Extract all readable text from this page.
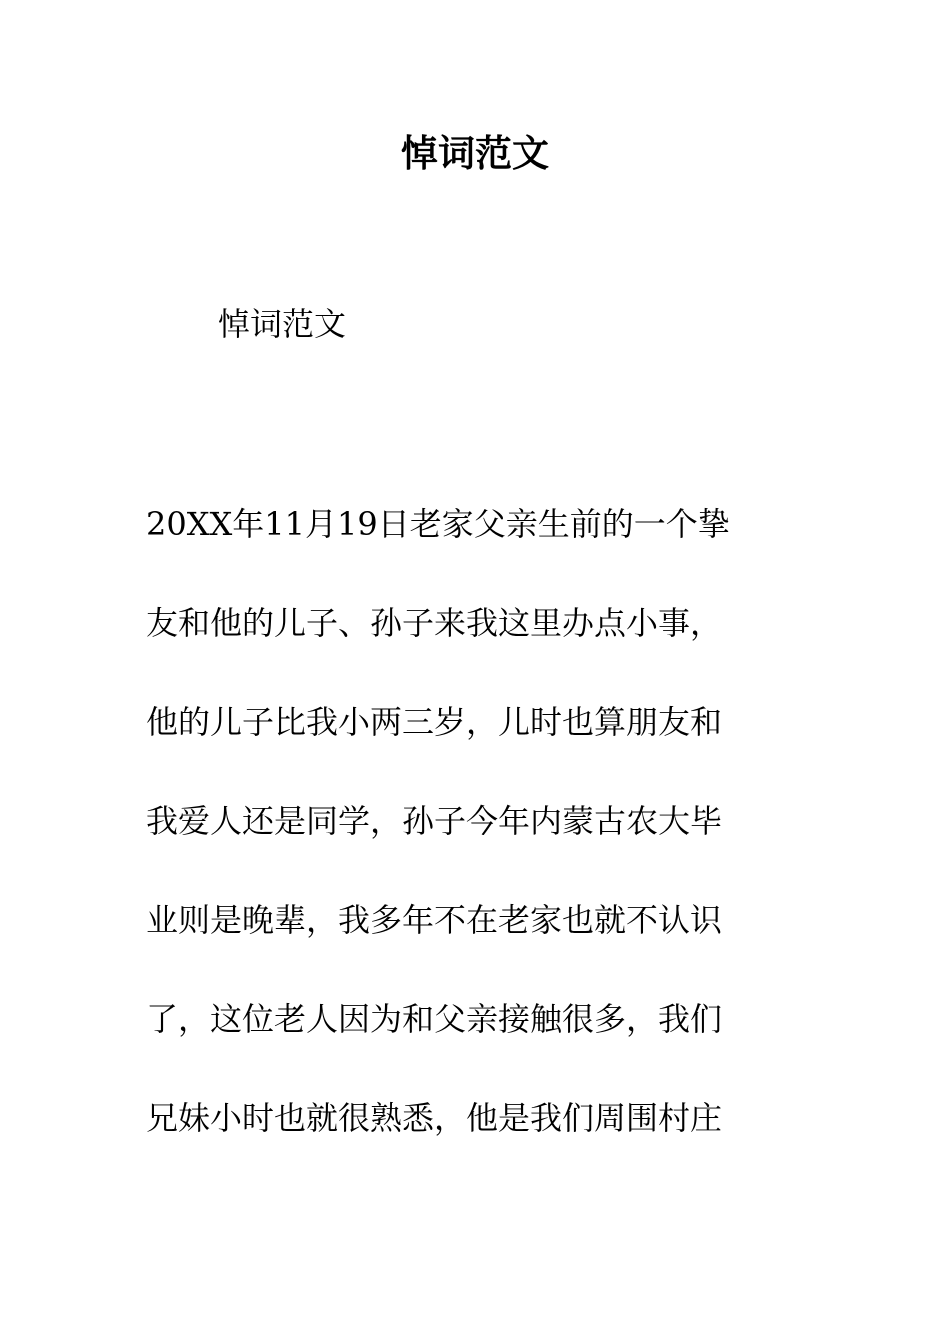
悼词范文

悼词范文

20XX年11月19日老家父亲生前的一个挚
友和他的儿子、孙子来我这里办点小事，
他的儿子比我小两三岁，儿时也算朋友和
我爱人还是同学，孙子今年内蒙古农大毕
业则是晚辈，我多年不在老家也就不认识
了，这位老人因为和父亲接触很多，我们
兄妹小时也就很熟悉，他是我们周围村庄
